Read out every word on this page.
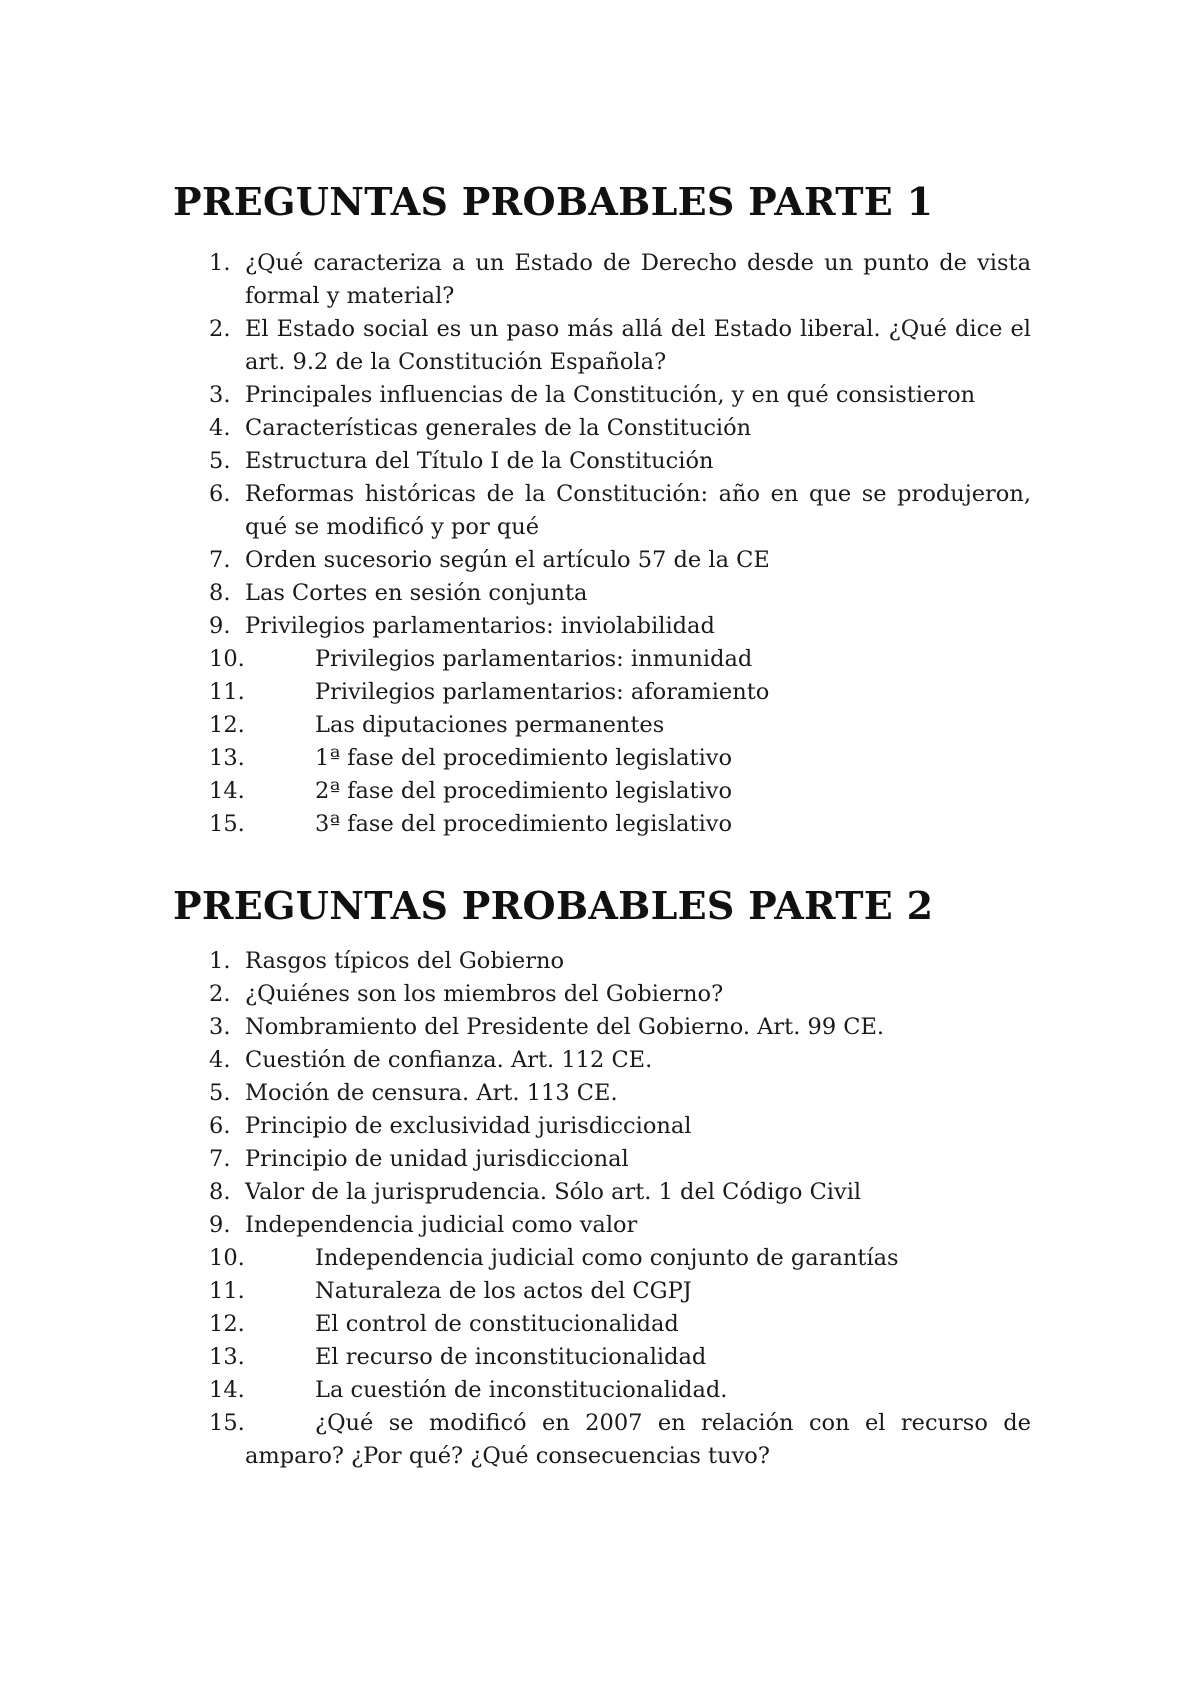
PREGUNTAS PROBABLES PARTE 1
1. ¿Qué caracteriza a un Estado de Derecho desde un punto de vista formal y material?
2. El Estado social es un paso más allá del Estado liberal. ¿Qué dice el art. 9.2 de la Constitución Española?
3. Principales influencias de la Constitución, y en qué consistieron
4. Características generales de la Constitución
5. Estructura del Título I de la Constitución
6. Reformas históricas de la Constitución: año en que se produjeron, qué se modificó y por qué
7. Orden sucesorio según el artículo 57 de la CE
8. Las Cortes en sesión conjunta
9. Privilegios parlamentarios: inviolabilidad
10.	Privilegios parlamentarios: inmunidad
11.	Privilegios parlamentarios: aforamiento
12.	Las diputaciones permanentes
13.	1ª fase del procedimiento legislativo
14.	2ª fase del procedimiento legislativo
15.	3ª fase del procedimiento legislativo
PREGUNTAS PROBABLES PARTE 2
1. Rasgos típicos del Gobierno
2. ¿Quiénes son los miembros del Gobierno?
3. Nombramiento del Presidente del Gobierno. Art. 99 CE.
4. Cuestión de confianza. Art. 112 CE.
5. Moción de censura. Art. 113 CE.
6. Principio de exclusividad jurisdiccional
7. Principio de unidad jurisdiccional
8. Valor de la jurisprudencia. Sólo art. 1 del Código Civil
9. Independencia judicial como valor
10.	Independencia judicial como conjunto de garantías
11.	Naturaleza de los actos del CGPJ
12.	El control de constitucionalidad
13.	El recurso de inconstitucionalidad
14.	La cuestión de inconstitucionalidad.
15.	¿Qué se modificó en 2007 en relación con el recurso de amparo? ¿Por qué? ¿Qué consecuencias tuvo?
